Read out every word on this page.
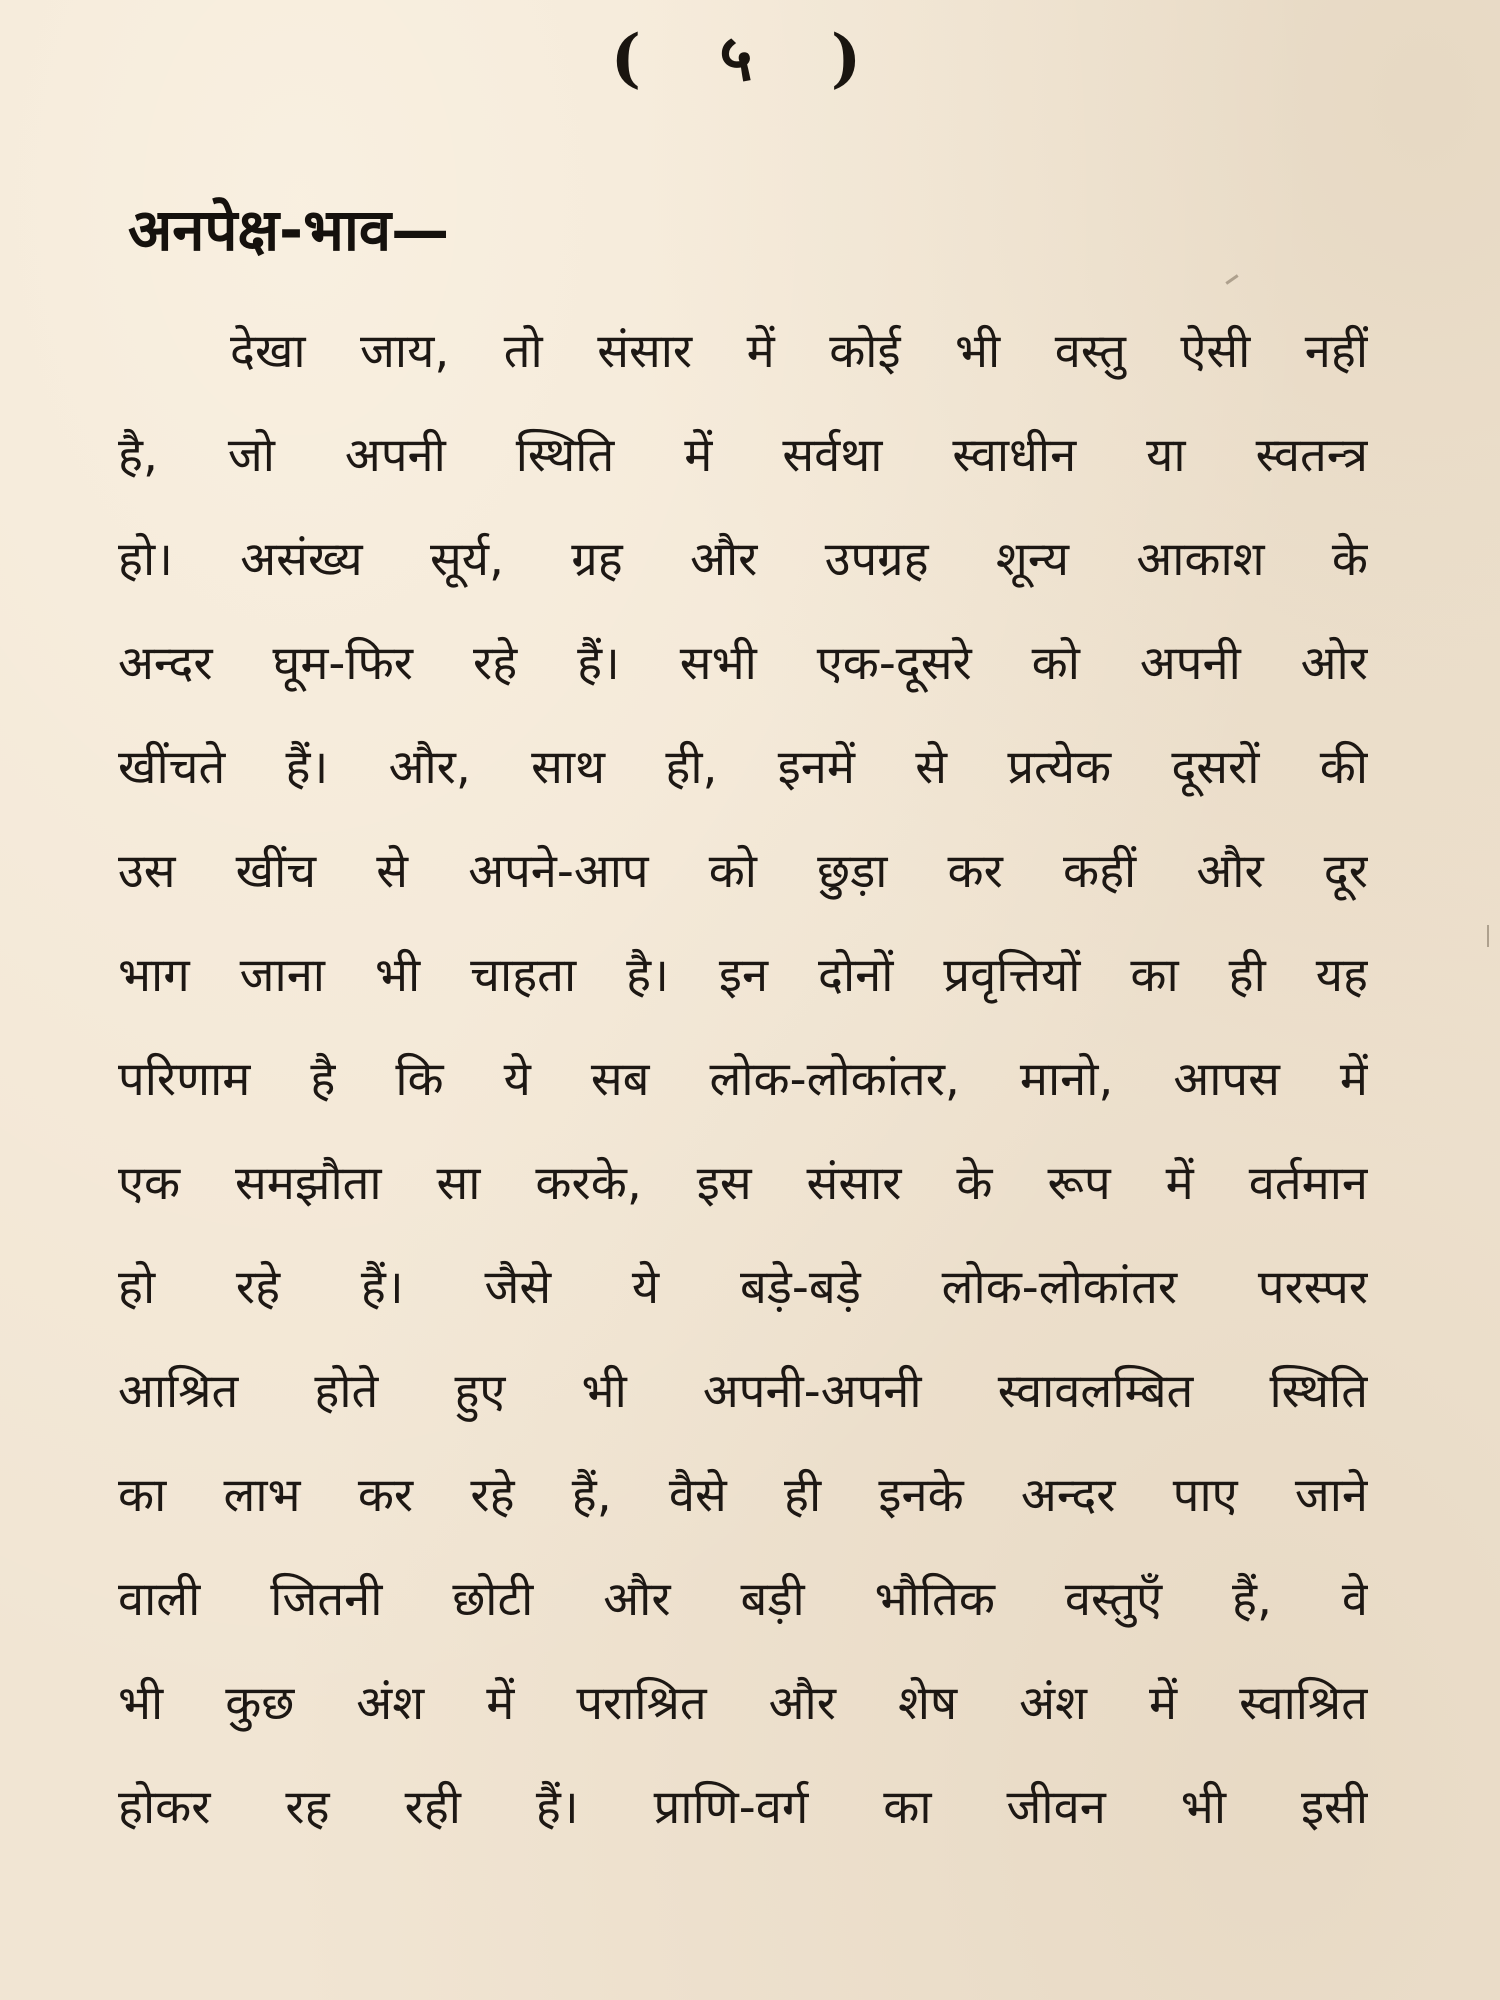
( ५ )
अनपेक्ष-भाव—
देखा जाय, तो संसार में कोई भी वस्तु ऐसी नहीं
है, जो अपनी स्थिति में सर्वथा स्वाधीन या स्वतन्त्र
हो। असंख्य सूर्य, ग्रह और उपग्रह शून्य आकाश के
अन्दर घूम-फिर रहे हैं। सभी एक-दूसरे को अपनी ओर
खींचते हैं। और, साथ ही, इनमें से प्रत्येक दूसरों की
उस खींच से अपने-आप को छुड़ा कर कहीं और दूर
भाग जाना भी चाहता है। इन दोनों प्रवृत्तियों का ही यह
परिणाम है कि ये सब लोक-लोकांतर, मानो, आपस में
एक समझौता सा करके, इस संसार के रूप में वर्तमान
हो रहे हैं। जैसे ये बड़े-बड़े लोक-लोकांतर परस्पर
आश्रित होते हुए भी अपनी-अपनी स्वावलम्बित स्थिति
का लाभ कर रहे हैं, वैसे ही इनके अन्दर पाए जाने
वाली जितनी छोटी और बड़ी भौतिक वस्तुएँ हैं, वे
भी कुछ अंश में पराश्रित और शेष अंश में स्वाश्रित
होकर रह रही हैं। प्राणि-वर्ग का जीवन भी इसी
